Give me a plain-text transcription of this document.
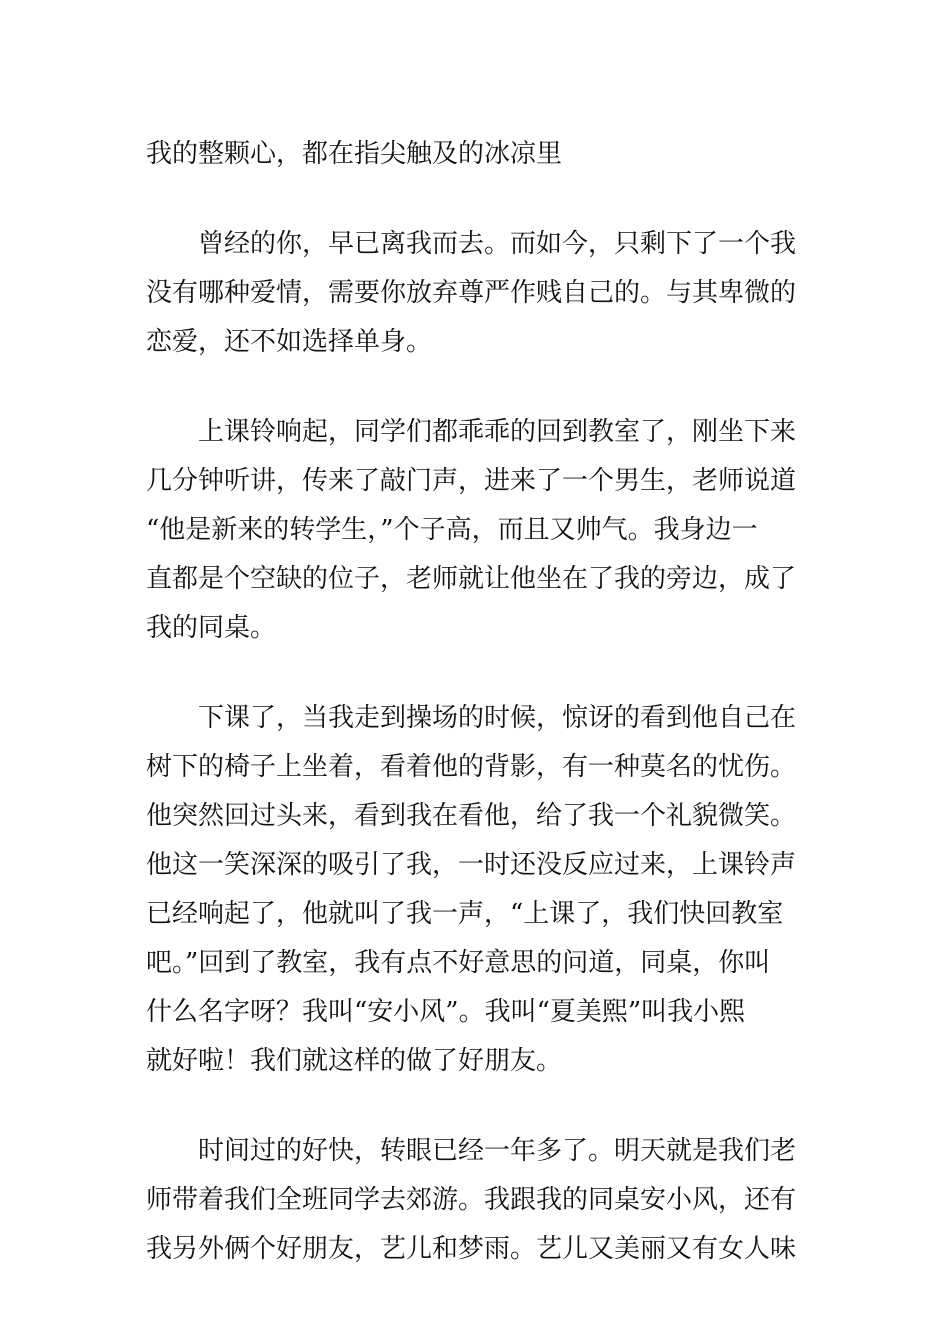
我的整颗心，都在指尖触及的冰凉里

　　曾经的你，早已离我而去。而如今，只剩下了一个我
没有哪种爱情，需要你放弃尊严作贱自己的。与其卑微的
恋爱，还不如选择单身。

　　上课铃响起，同学们都乖乖的回到教室了，刚坐下来
几分钟听讲，传来了敲门声，进来了一个男生，老师说道
“他是新来的转学生，”个子高，而且又帅气。我身边一
直都是个空缺的位子，老师就让他坐在了我的旁边，成了
我的同桌。

　　下课了，当我走到操场的时候，惊讶的看到他自己在
树下的椅子上坐着，看着他的背影，有一种莫名的忧伤。
他突然回过头来，看到我在看他，给了我一个礼貌微笑。
他这一笑深深的吸引了我，一时还没反应过来，上课铃声
已经响起了，他就叫了我一声，“上课了，我们快回教室
吧。”回到了教室，我有点不好意思的问道，同桌，你叫
什么名字呀？我叫“安小风”。我叫“夏美熙”叫我小熙
就好啦！我们就这样的做了好朋友。

　　时间过的好快，转眼已经一年多了。明天就是我们老
师带着我们全班同学去郊游。我跟我的同桌安小风，还有
我另外俩个好朋友，艺儿和梦雨。艺儿又美丽又有女人味
